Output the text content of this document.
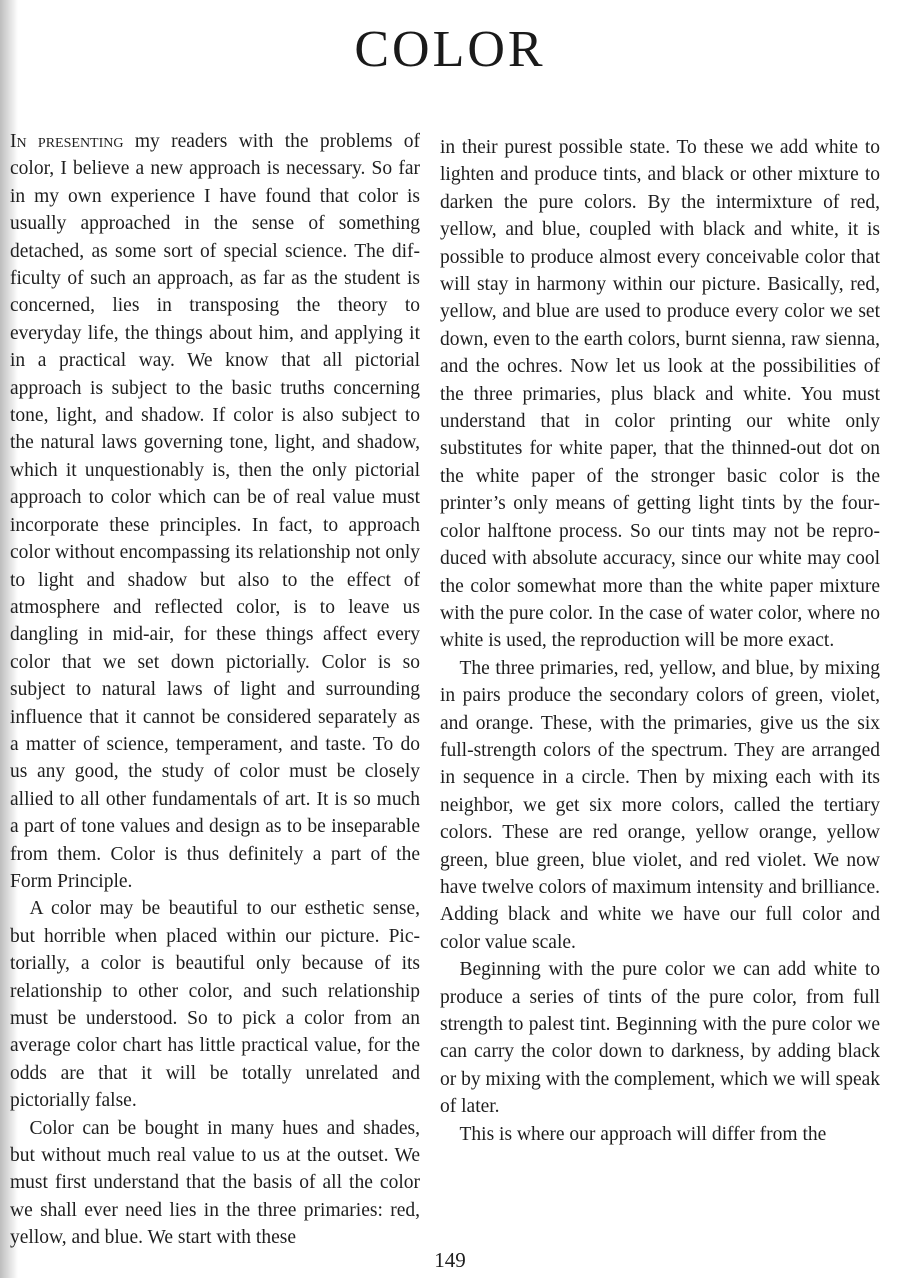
COLOR

In presenting my readers with the problems of color, I believe a new approach is necessary. So far in my own experience I have found that color is usually approached in the sense of something detached, as some sort of special science. The difficulty of such an approach, as far as the student is concerned, lies in transposing the theory to everyday life, the things about him, and applying it in a practical way. We know that all pictorial approach is subject to the basic truths concerning tone, light, and shadow. If color is also subject to the natural laws governing tone, light, and shadow, which it unquestionably is, then the only pictorial approach to color which can be of real value must incorporate these principles. In fact, to approach color without encompassing its relationship not only to light and shadow but also to the effect of atmosphere and reflected color, is to leave us dangling in mid-air, for these things affect every color that we set down pictorially. Color is so subject to natural laws of light and surrounding influence that it cannot be considered separately as a matter of science, temperament, and taste. To do us any good, the study of color must be closely allied to all other fundamentals of art. It is so much a part of tone values and design as to be inseparable from them. Color is thus definitely a part of the Form Principle.

A color may be beautiful to our esthetic sense, but horrible when placed within our picture. Pictorially, a color is beautiful only because of its relationship to other color, and such relationship must be understood. So to pick a color from an average color chart has little practical value, for the odds are that it will be totally unrelated and pictorially false.

Color can be bought in many hues and shades, but without much real value to us at the outset. We must first understand that the basis of all the color we shall ever need lies in the three primaries: red, yellow, and blue. We start with these

in their purest possible state. To these we add white to lighten and produce tints, and black or other mixture to darken the pure colors. By the intermixture of red, yellow, and blue, coupled with black and white, it is possible to produce almost every conceivable color that will stay in harmony within our picture. Basically, red, yellow, and blue are used to produce every color we set down, even to the earth colors, burnt sienna, raw sienna, and the ochres. Now let us look at the possibilities of the three primaries, plus black and white. You must understand that in color printing our white only substitutes for white paper, that the thinned-out dot on the white paper of the stronger basic color is the printer’s only means of getting light tints by the four-color halftone process. So our tints may not be reproduced with absolute accuracy, since our white may cool the color somewhat more than the white paper mixture with the pure color. In the case of water color, where no white is used, the reproduction will be more exact.

The three primaries, red, yellow, and blue, by mixing in pairs produce the secondary colors of green, violet, and orange. These, with the primaries, give us the six full-strength colors of the spectrum. They are arranged in sequence in a circle. Then by mixing each with its neighbor, we get six more colors, called the tertiary colors. These are red orange, yellow orange, yellow green, blue green, blue violet, and red violet. We now have twelve colors of maximum intensity and brilliance. Adding black and white we have our full color and color value scale.

Beginning with the pure color we can add white to produce a series of tints of the pure color, from full strength to palest tint. Beginning with the pure color we can carry the color down to darkness, by adding black or by mixing with the complement, which we will speak of later.

This is where our approach will differ from the

149
